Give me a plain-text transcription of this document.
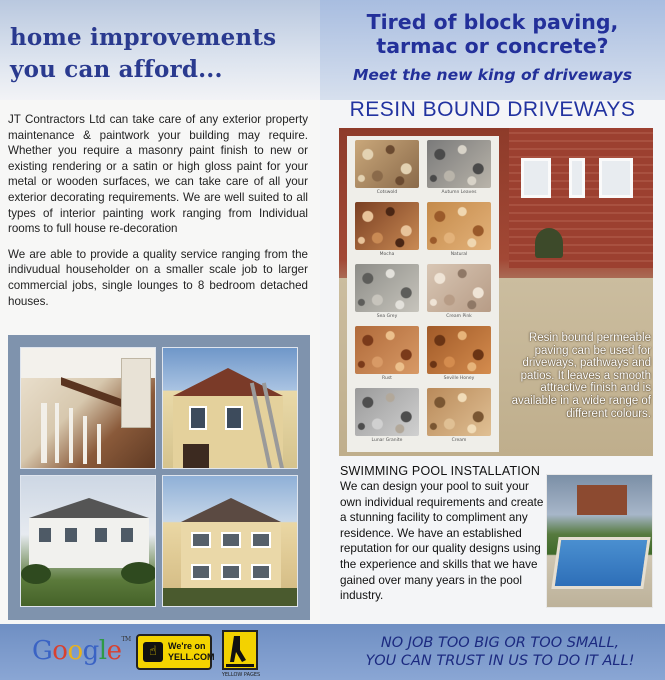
home improvements
you can afford...

JT Contractors Ltd can take care of any exterior property maintenance & paintwork your building may require. Whether you require a masonry paint finish to new or existing rendering or a satin or high gloss paint for your metal or wooden surfaces, we can take care of all your exterior decorating requirements. We are well suited to all types of interior painting work ranging from Individual rooms to full house re-decoration

We are able to provide a quality service ranging from the indivudual householder on a smaller scale job to larger commercial jobs, single lounges to 8 bedroom detached houses.

Tired of block paving,
tarmac or concrete?
Meet the new king of driveways
RESIN BOUND DRIVEWAYS
Cotswold	Autumn Leaves
Mocha	Natural
Sea Grey	Cream Pink
Rust	Seville Honey
Lunar Granite	Cream
Resin bound permeable paving can be used for driveways, pathways and patios. It leaves a smooth attractive finish and is available in a wide range of different colours.
SWIMMING POOL INSTALLATION
We can design your pool to suit your own individual requirements and create a stunning facility to compliment any residence. We have an established reputation for our quality designs using the experience and skills that we have gained over many years in the pool industry.
GoogleTM
☝	We're on
YELL.COM
YELLOW PAGES
NO JOB TOO BIG OR TOO SMALL,
YOU CAN TRUST IN US TO DO IT ALL!
